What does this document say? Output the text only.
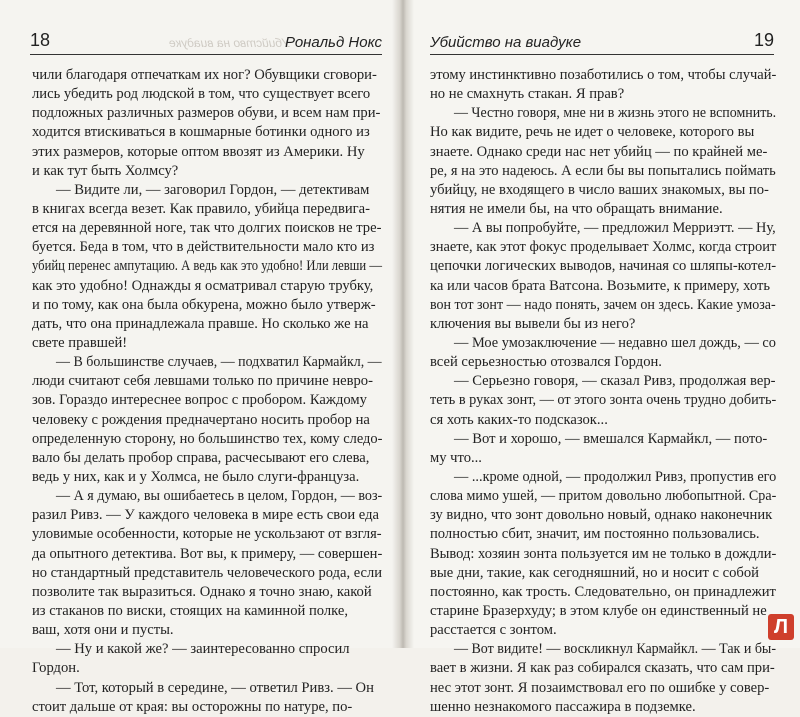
18	Убийство на виадуке
Рональд Нокс
чили благодаря отпечаткам их ног? Обувщики сговори-
лись убедить род людской в том, что существует всего
подложных различных размеров обуви, и всем нам при-
ходится втискиваться в кошмарные ботинки одного из
этих размеров, которые оптом ввозят из Америки. Ну
и как тут быть Холмсу?
— Видите ли, — заговорил Гордон, — детективам
в книгах всегда везет. Как правило, убийца передвига-
ется на деревянной ноге, так что долгих поисков не тре-
буется. Беда в том, что в действительности мало кто из
убийц перенес ампутацию. А ведь как это удобно! Или левши —
как это удобно! Однажды я осматривал старую трубку,
и по тому, как она была обкурена, можно было утверж-
дать, что она принадлежала правше. Но сколько же на
свете правшей!
— В большинстве случаев, — подхватил Кармайкл, —
люди считают себя левшами только по причине невро-
зов. Гораздо интереснее вопрос с пробором. Каждому
человеку с рождения предначертано носить пробор на
определенную сторону, но большинство тех, кому следо-
вало бы делать пробор справа, расчесывают его слева,
ведь у них, как и у Холмса, не было слуги-француза.
— А я думаю, вы ошибаетесь в целом, Гордон, — воз-
разил Ривз. — У каждого человека в мире есть свои еда
уловимые особенности, которые не ускользают от взгля-
да опытного детектива. Вот вы, к примеру, — совершен-
но стандартный представитель человеческого рода, если
позволите так выразиться. Однако я точно знаю, какой
из стаканов по виски, стоящих на каминной полке,
ваш, хотя они и пусты.
— Ну и какой же? — заинтересованно спросил
Гордон.
— Тот, который в середине, — ответил Ривз. — Он
стоит дальше от края: вы осторожны по натуре, по-
Убийство на виадуке	19
этому инстинктивно позаботились о том, чтобы случай-
но не смахнуть стакан. Я прав?
— Честно говоря, мне ни в жизнь этого не вспомнить.
Но как видите, речь не идет о человеке, которого вы
знаете. Однако среди нас нет убийц — по крайней ме-
ре, я на это надеюсь. А если бы вы попытались поймать
убийцу, не входящего в число ваших знакомых, вы по-
нятия не имели бы, на что обращать внимание.
— А вы попробуйте, — предложил Мерриэтт. — Ну,
знаете, как этот фокус проделывает Холмс, когда строит
цепочки логических выводов, начиная со шляпы-котел-
ка или часов брата Ватсона. Возьмите, к примеру, хоть
вон тот зонт — надо понять, зачем он здесь. Какие умоза-
ключения вы вывели бы из него?
— Мое умозаключение — недавно шел дождь, — со
всей серьезностью отозвался Гордон.
— Серьезно говоря, — сказал Ривз, продолжая вер-
теть в руках зонт, — от этого зонта очень трудно добить-
ся хоть каких-то подсказок...
— Вот и хорошо, — вмешался Кармайкл, — пото-
му что...
— ...кроме одной, — продолжил Ривз, пропустив его
слова мимо ушей, — притом довольно любопытной. Сра-
зу видно, что зонт довольно новый, однако наконечник
полностью сбит, значит, им постоянно пользовались.
Вывод: хозяин зонта пользуется им не только в дождли-
вые дни, такие, как сегодняшний, но и носит с собой
постоянно, как трость. Следовательно, он принадлежит
старине Бразерхуду; в этом клубе он единственный не
расстается с зонтом.
— Вот видите! — воскликнул Кармайкл. — Так и бы-
вает в жизни. Я как раз собирался сказать, что сам при-
нес этот зонт. Я позаимствовал его по ошибке у совер-
шенно незнакомого пассажира в подземке.
Л
